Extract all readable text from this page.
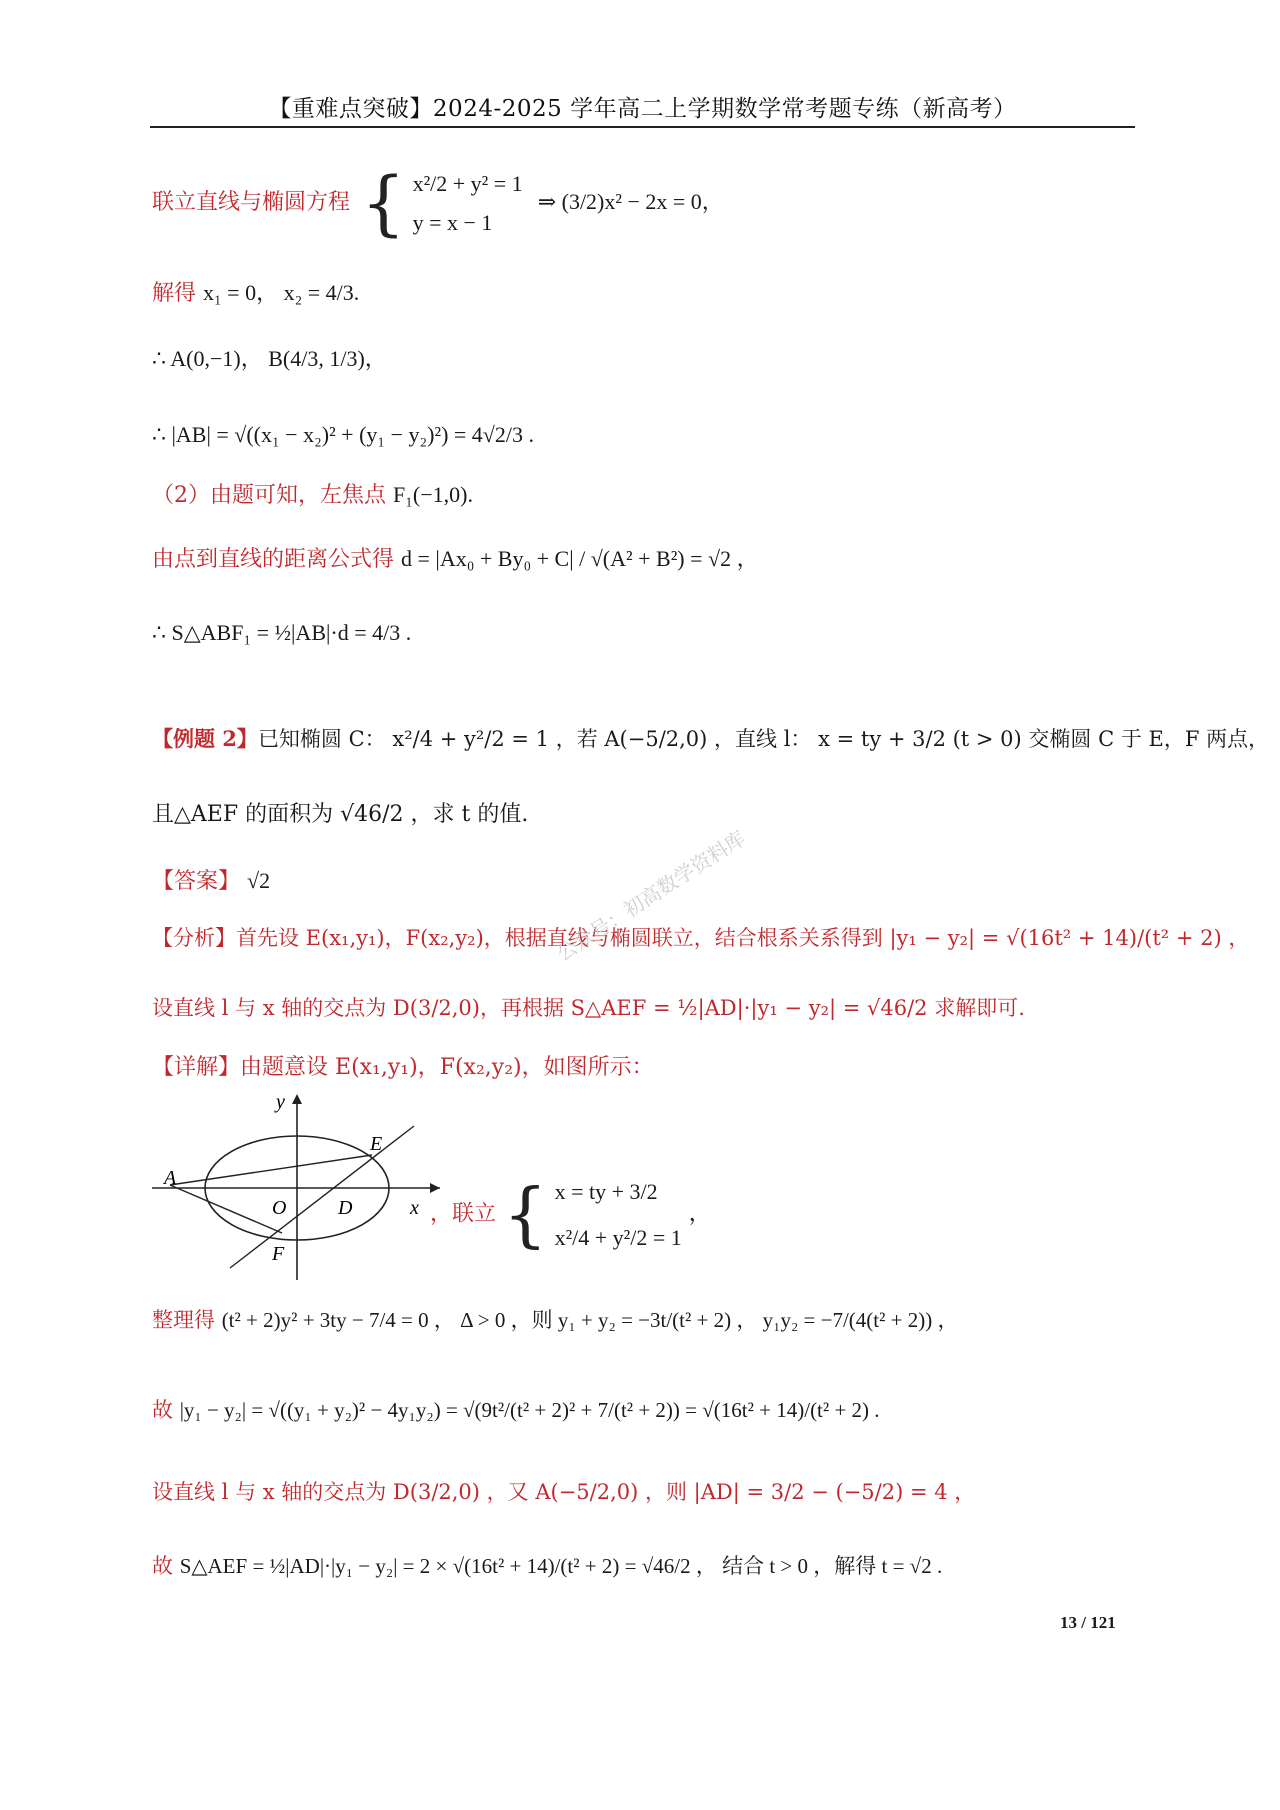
【重难点突破】2024-2025 学年高二上学期数学常考题专练（新高考）
联立直线与椭圆方程 { x²/2 + y² = 1
y = x − 1
⇒ (3/2)x² − 2x = 0，
解得 x₁ = 0， x₂ = 4/3.
∴ A(0,−1)， B(4/3, 1/3)，
∴ |AB| = √((x₁ − x₂)² + (y₁ − y₂)²) = 4√2/3 .
（2）由题可知，左焦点 F₁(−1,0).
由点到直线的距离公式得 d = |Ax₀ + By₀ + C| / √(A² + B²) = √2 ，
∴ S△ABF₁ = ½|AB|·d = 4/3 .
【例题 2】已知椭圆 C： x²/4 + y²/2 = 1 ，若 A(−5/2,0) ，直线 l： x = ty + 3/2 (t > 0) 交椭圆 C 于 E，F 两点，
且△AEF 的面积为 √46/2 ，求 t 的值.
【答案】 √2
【分析】首先设 E(x₁,y₁)，F(x₂,y₂)，根据直线与椭圆联立，结合根系关系得到 |y₁ − y₂| = √(16t² + 14)/(t² + 2) ，
设直线 l 与 x 轴的交点为 D(3/2,0)，再根据 S△AEF = ½|AD|·|y₁ − y₂| = √46/2 求解即可.
【详解】由题意设 E(x₁,y₁)，F(x₂,y₂)，如图所示：
A
E
O	D
F
y
x ，联立 { x = ty + 3/2
x²/4 + y²/2 = 1
，
整理得 (t² + 2)y² + 3ty − 7/4 = 0 ， Δ > 0 ，则 y₁ + y₂ = −3t/(t² + 2) ， y₁y₂ = −7/(4(t² + 2)) ，
故 |y₁ − y₂| = √((y₁ + y₂)² − 4y₁y₂) = √(9t²/(t² + 2)² + 7/(t² + 2)) = √(16t² + 14)/(t² + 2) .
设直线 l 与 x 轴的交点为 D(3/2,0) ，又 A(−5/2,0) ，则 |AD| = 3/2 − (−5/2) = 4 ，
故 S△AEF = ½|AD|·|y₁ − y₂| = 2 × √(16t² + 14)/(t² + 2) = √46/2 ， 结合 t > 0 ，解得 t = √2 .
13 / 121
公众号：初高数学资料库
